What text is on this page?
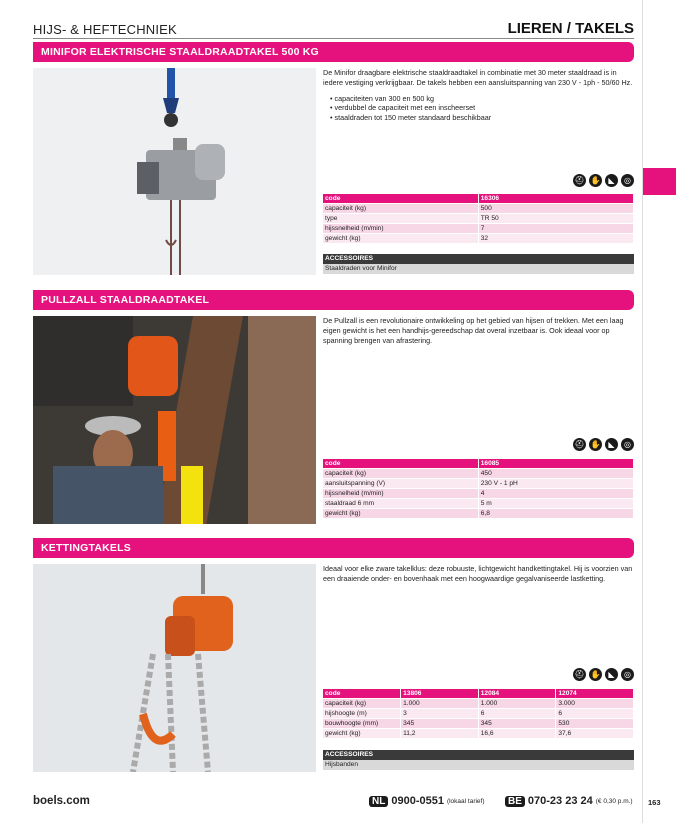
HIJS- & HEFTECHNIEK	LIEREN / TAKELS
MINIFOR ELEKTRISCHE STAALDRAADTAKEL 500 KG
De Minifor draagbare elektrische staaldraadtakel in combinatie met 30 meter staaldraad is in iedere vestiging verkrijgbaar. De takels hebben een aansluitspanning van 230 V - 1ph - 50/60 Hz.
• capaciteiten van 300 en 500 kg
• verdubbel de capaciteit met een inscheerset
• staaldraden tot 150 meter standaard beschikbaar
⛑ ✋ ◣	◎
code	16306
capaciteit (kg)	500
type	TR 50
hijssnelheid (m/min)	7
gewicht (kg)	32
ACCESSOIRES
Staaldraden voor Minifor
PULLZALL STAALDRAADTAKEL
De Pullzall is een revolutionaire ontwikkeling op het gebied van hijsen of trekken. Met een laag eigen gewicht is het een handhijs-gereedschap dat overal inzetbaar is. Ook ideaal voor op spanning brengen van afrastering.
⛑ ✋ ◣	◎
code	16085
capaciteit (kg)	450
aansluitspanning (V)	230 V - 1 pH
hijssnelheid (m/min)	4
staaldraad 6 mm	5 m
gewicht (kg)	6,8
KETTINGTAKELS
Ideaal voor elke zware takelklus: deze robuuste, lichtgewicht handkettingtakel. Hij is voorzien van een draaiende onder- en bovenhaak met een hoogwaardige gegalvaniseerde lastketting.
⛑ ✋ ◣	◎
code	13806	12084	12074
capaciteit (kg)	1.000	1.000	3.000
hijshoogte (m)	3	6	6
bouwhoogte (mm)	345	345	530
gewicht (kg)	11,2	16,6	37,6
ACCESSOIRES
Hijsbanden
boels.com	NL 0900-0551 (lokaal tarief)	BE 070-23 23 24 (€ 0,30 p.m.) 163
